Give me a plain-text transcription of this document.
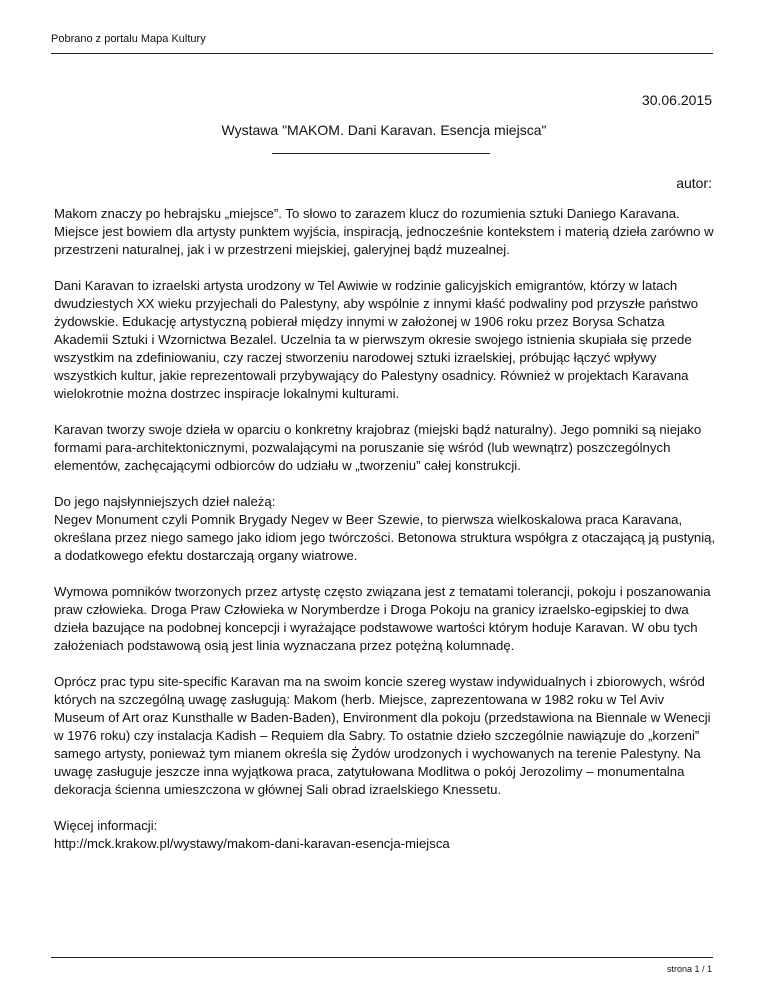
Pobrano z portalu Mapa Kultury
30.06.2015
Wystawa "MAKOM. Dani Karavan. Esencja miejsca"
autor:

Makom znaczy po hebrajsku „miejsce”. To słowo to zarazem klucz do rozumienia sztuki Daniego Karavana. Miejsce jest bowiem dla artysty punktem wyjścia, inspiracją, jednocześnie kontekstem i materią dzieła zarówno w przestrzeni naturalnej, jak i w przestrzeni miejskiej, galeryjnej bądź muzealnej.

Dani Karavan to izraelski artysta urodzony w Tel Awiwie w rodzinie galicyjskich emigrantów, którzy w latach dwudziestych XX wieku przyjechali do Palestyny, aby wspólnie z innymi kłaść podwaliny pod przyszłe państwo żydowskie. Edukację artystyczną pobierał między innymi w założonej w 1906 roku przez Borysa Schatza Akademii Sztuki i Wzornictwa Bezalel. Uczelnia ta w pierwszym okresie swojego istnienia skupiała się przede wszystkim na zdefiniowaniu, czy raczej stworzeniu narodowej sztuki izraelskiej, próbując łączyć wpływy wszystkich kultur, jakie reprezentowali przybywający do Palestyny osadnicy. Również w projektach Karavana wielokrotnie można dostrzec inspiracje lokalnymi kulturami.

Karavan tworzy swoje dzieła w oparciu o konkretny krajobraz (miejski bądź naturalny). Jego pomniki są niejako formami para-architektonicznymi, pozwalającymi na poruszanie się wśród (lub wewnątrz) poszczególnych elementów, zachęcającymi odbiorców do udziału w „tworzeniu” całej konstrukcji.

Do jego najsłynniejszych dzieł należą:
Negev Monument czyli Pomnik Brygady Negev w Beer Szewie, to pierwsza wielkoskalowa praca Karavana, określana przez niego samego jako idiom jego twórczości. Betonowa struktura współgra z otaczającą ją pustynią, a dodatkowego efektu dostarczają organy wiatrowe.

Wymowa pomników tworzonych przez artystę często związana jest z tematami tolerancji, pokoju i poszanowania praw człowieka. Droga Praw Człowieka w Norymberdze i Droga Pokoju na granicy izraelsko-egipskiej to dwa dzieła bazujące na podobnej koncepcji i wyrażające podstawowe wartości którym hoduje Karavan. W obu tych założeniach podstawową osią jest linia wyznaczana przez potężną kolumnadę.

Oprócz prac typu site-specific Karavan ma na swoim koncie szereg wystaw indywidualnych i zbiorowych, wśród których na szczególną uwagę zasługują: Makom (herb. Miejsce, zaprezentowana w 1982 roku w Tel Aviv Museum of Art oraz Kunsthalle w Baden-Baden), Environment dla pokoju (przedstawiona na Biennale w Wenecji w 1976 roku) czy instalacja Kadish – Requiem dla Sabry. To ostatnie dzieło szczególnie nawiązuje do „korzeni” samego artysty, ponieważ tym mianem określa się Żydów urodzonych i wychowanych na terenie Palestyny. Na uwagę zasługuje jeszcze inna wyjątkowa praca, zatytułowana Modlitwa o pokój Jerozolimy – monumentalna dekoracja ścienna umieszczona w głównej Sali obrad izraelskiego Knessetu.

Więcej informacji:
http://mck.krakow.pl/wystawy/makom-dani-karavan-esencja-miejsca

strona 1 / 1
